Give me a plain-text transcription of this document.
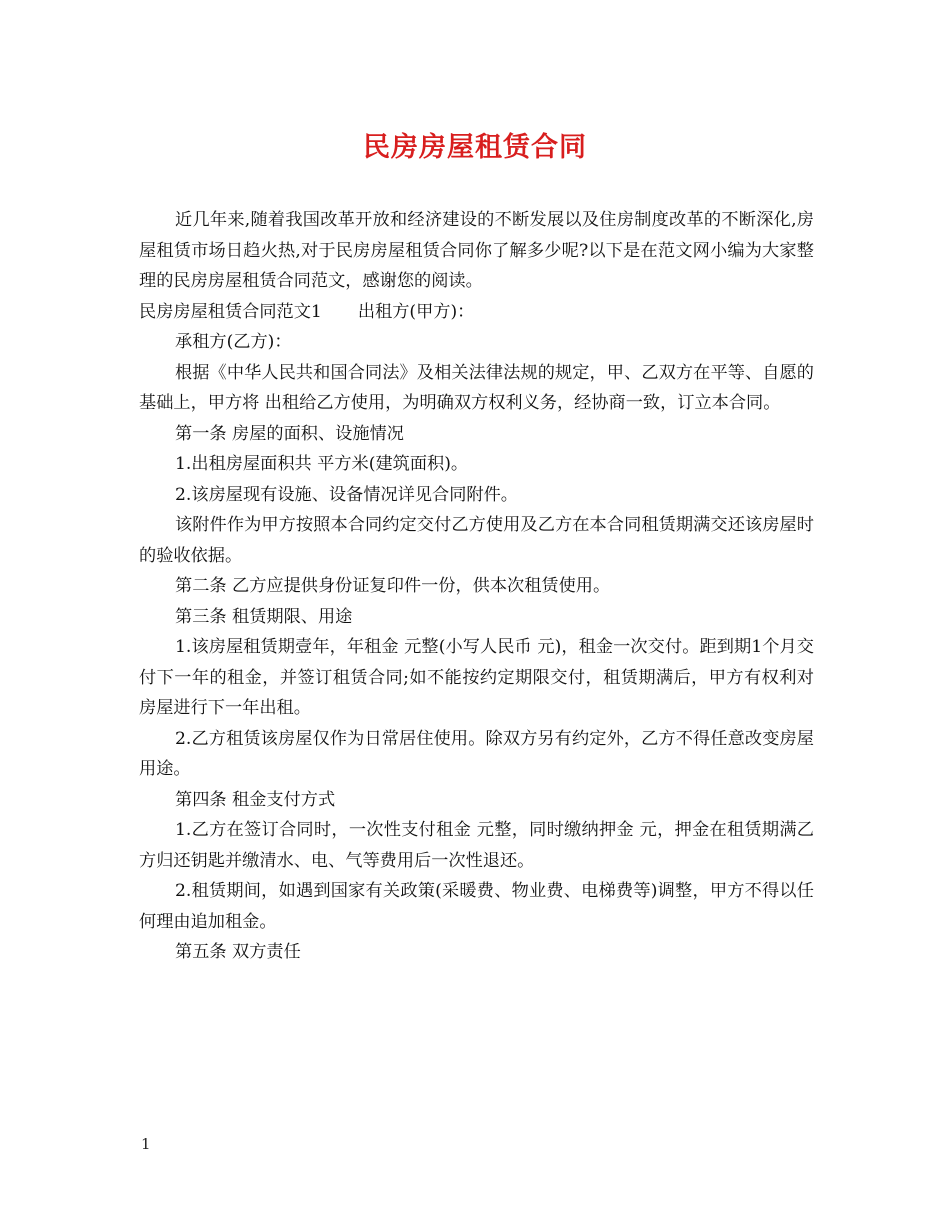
民房房屋租赁合同

近几年来,随着我国改革开放和经济建设的不断发展以及住房制度改革的不断深化,房屋租赁市场日趋火热,对于民房房屋租赁合同你了解多少呢?以下是在范文网小编为大家整理的民房房屋租赁合同范文，感谢您的阅读。

民房房屋租赁合同范文1 出租方(甲方)：

承租方(乙方)：

根据《中华人民共和国合同法》及相关法律法规的规定，甲、乙双方在平等、自愿的基础上，甲方将 出租给乙方使用，为明确双方权利义务，经协商一致，订立本合同。

第一条 房屋的面积、设施情况

1.出租房屋面积共 平方米(建筑面积)。

2.该房屋现有设施、设备情况详见合同附件。

该附件作为甲方按照本合同约定交付乙方使用及乙方在本合同租赁期满交还该房屋时的验收依据。

第二条 乙方应提供身份证复印件一份，供本次租赁使用。

第三条 租赁期限、用途

1.该房屋租赁期壹年，年租金 元整(小写人民币 元)，租金一次交付。距到期1个月交付下一年的租金，并签订租赁合同;如不能按约定期限交付，租赁期满后，甲方有权利对房屋进行下一年出租。

2.乙方租赁该房屋仅作为日常居住使用。除双方另有约定外，乙方不得任意改变房屋用途。

第四条 租金支付方式

1.乙方在签订合同时，一次性支付租金 元整，同时缴纳押金 元，押金在租赁期满乙方归还钥匙并缴清水、电、气等费用后一次性退还。

2.租赁期间，如遇到国家有关政策(采暖费、物业费、电梯费等)调整，甲方不得以任何理由追加租金。

第五条 双方责任

1
